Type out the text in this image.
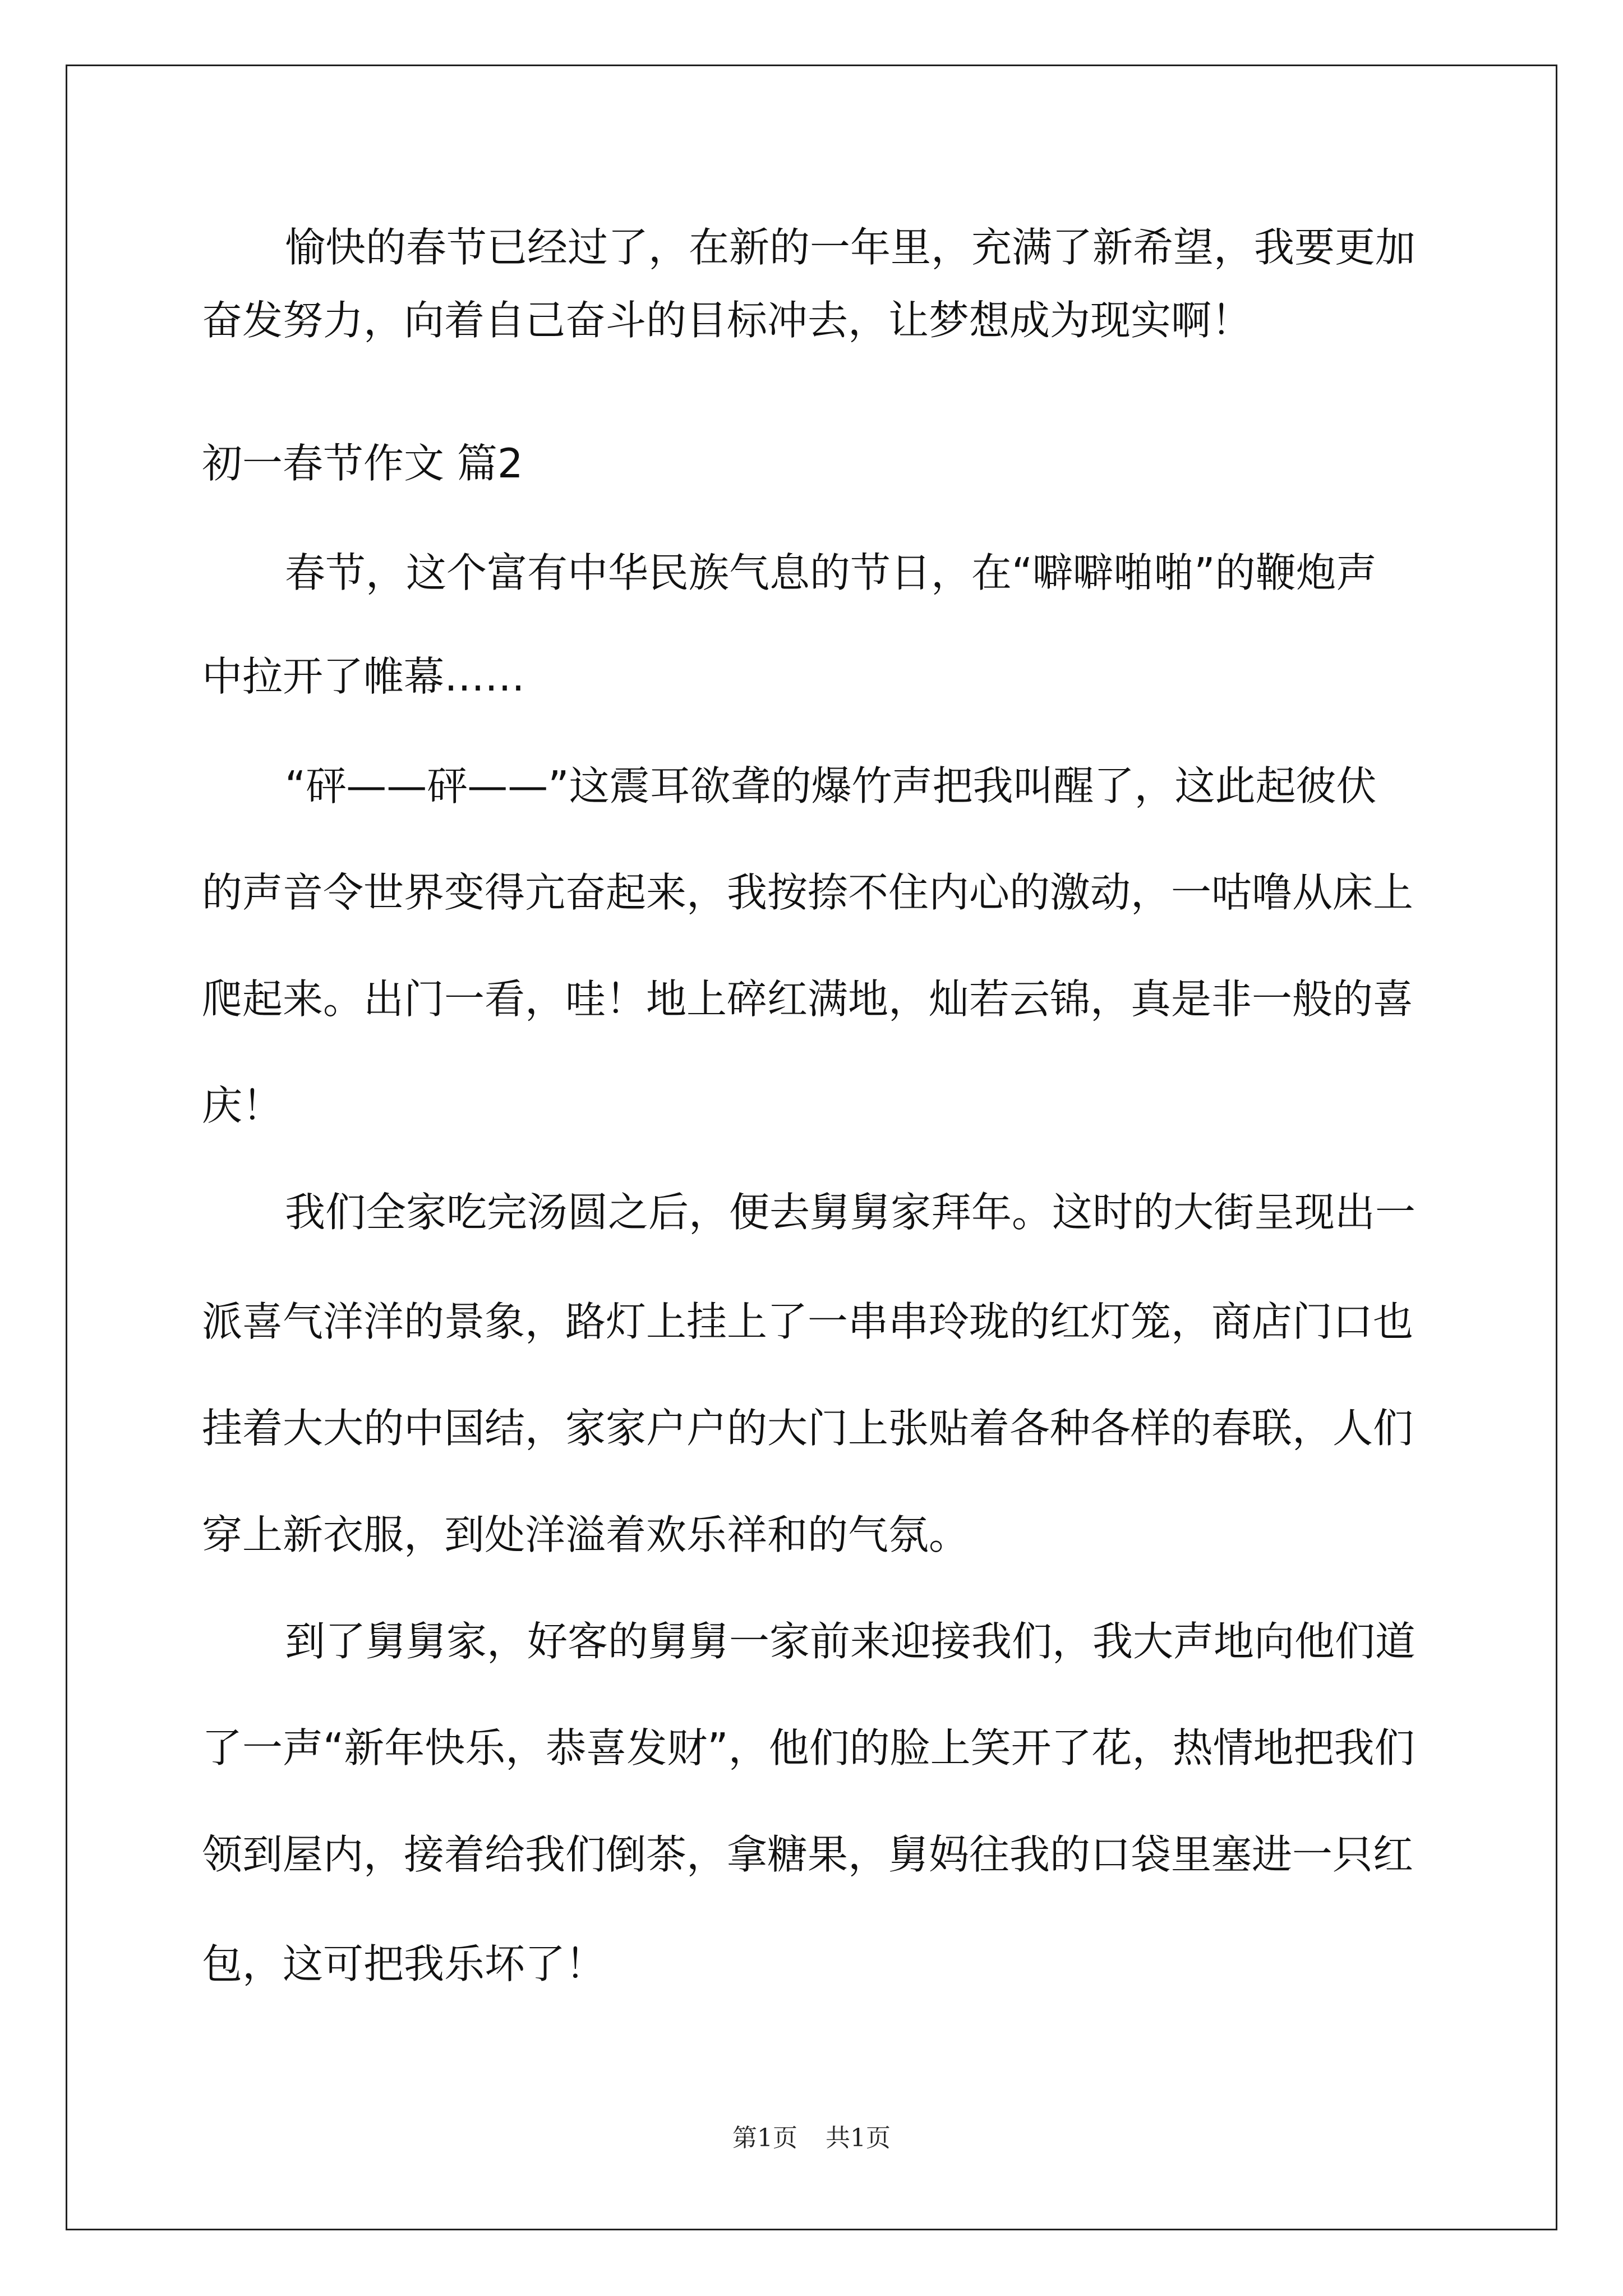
愉快的春节已经过了，在新的一年里，充满了新希望，我要更加
奋发努力，向着自己奋斗的目标冲去，让梦想成为现实啊！
初一春节作文 篇2
春节，这个富有中华民族气息的节日，在“噼噼啪啪”的鞭炮声
中拉开了帷幕……
“砰——砰——”这震耳欲聋的爆竹声把我叫醒了，这此起彼伏
的声音令世界变得亢奋起来，我按捺不住内心的激动，一咕噜从床上
爬起来。出门一看，哇！地上碎红满地，灿若云锦，真是非一般的喜
庆！
我们全家吃完汤圆之后，便去舅舅家拜年。这时的大街呈现出一
派喜气洋洋的景象，路灯上挂上了一串串玲珑的红灯笼，商店门口也
挂着大大的中国结，家家户户的大门上张贴着各种各样的春联，人们
穿上新衣服，到处洋溢着欢乐祥和的气氛。
到了舅舅家，好客的舅舅一家前来迎接我们，我大声地向他们道
了一声“新年快乐，恭喜发财”，他们的脸上笑开了花，热情地把我们
领到屋内，接着给我们倒茶，拿糖果，舅妈往我的口袋里塞进一只红
包，这可把我乐坏了！
第1页 共1页
